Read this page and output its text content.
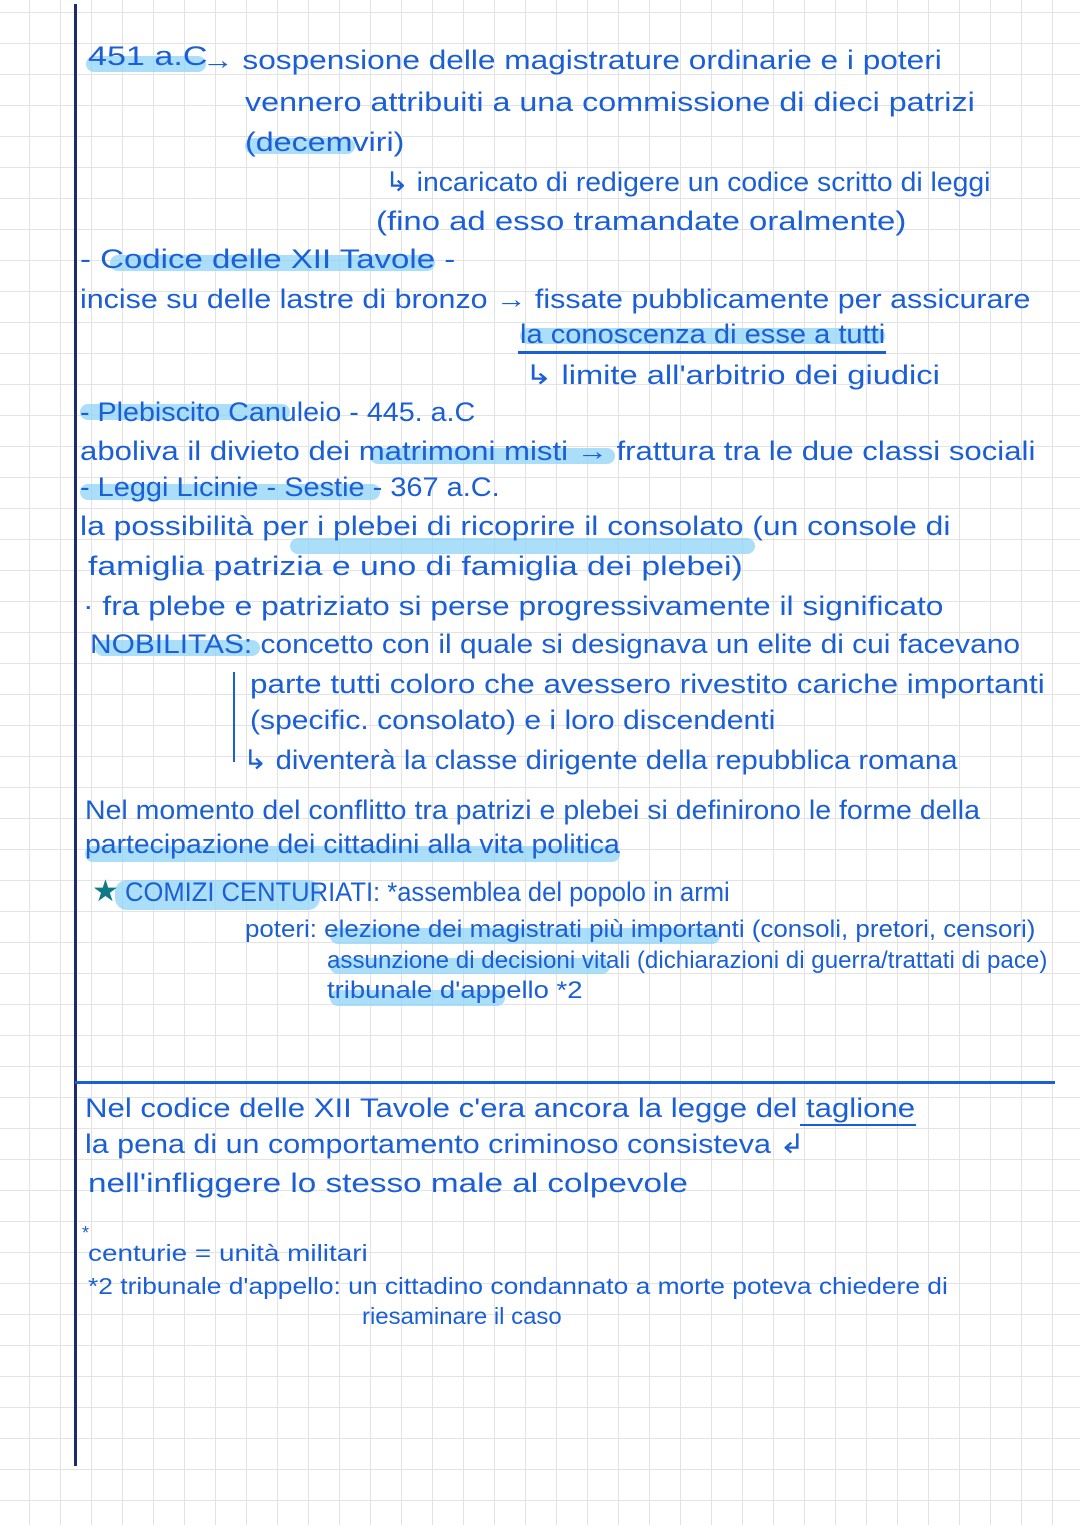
451 a.C
→ sospensione delle magistrature ordinarie e i poteri
vennero attribuiti a una commissione di dieci patrizi
(decemviri)
↳ incaricato di redigere un codice scritto di leggi
(fino ad esso tramandate oralmente)
- Codice delle XII Tavole -
incise su delle lastre di bronzo → fissate pubblicamente per assicurare
la conoscenza di esse a tutti
↳ limite all'arbitrio dei giudici
- Plebiscito Canuleio - 445. a.C
aboliva il divieto dei matrimoni misti → frattura tra le due classi sociali
- Leggi Licinie - Sestie - 367 a.C.
la possibilità per i plebei di ricoprire il consolato (un console di
famiglia patrizia e uno di famiglia dei plebei)
· fra plebe e patriziato si perse progressivamente il significato
NOBILITAS: concetto con il quale si designava un elite di cui facevano
parte tutti coloro che avessero rivestito cariche importanti
(specific. consolato) e i loro discendenti
↳ diventerà la classe dirigente della repubblica romana
Nel momento del conflitto tra patrizi e plebei si definirono le forme della
partecipazione dei cittadini alla vita politica
★ COMIZI CENTURIATI: *assemblea del popolo in armi
poteri: elezione dei magistrati più importanti (consoli, pretori, censori)
assunzione di decisioni vitali (dichiarazioni di guerra/trattati di pace)
tribunale d'appello *2
Nel codice delle XII Tavole c'era ancora la legge del taglione
la pena di un comportamento criminoso consisteva ↲
nell'infliggere lo stesso male al colpevole
*
centurie = unità militari
*2 tribunale d'appello: un cittadino condannato a morte poteva chiedere di
riesaminare il caso
